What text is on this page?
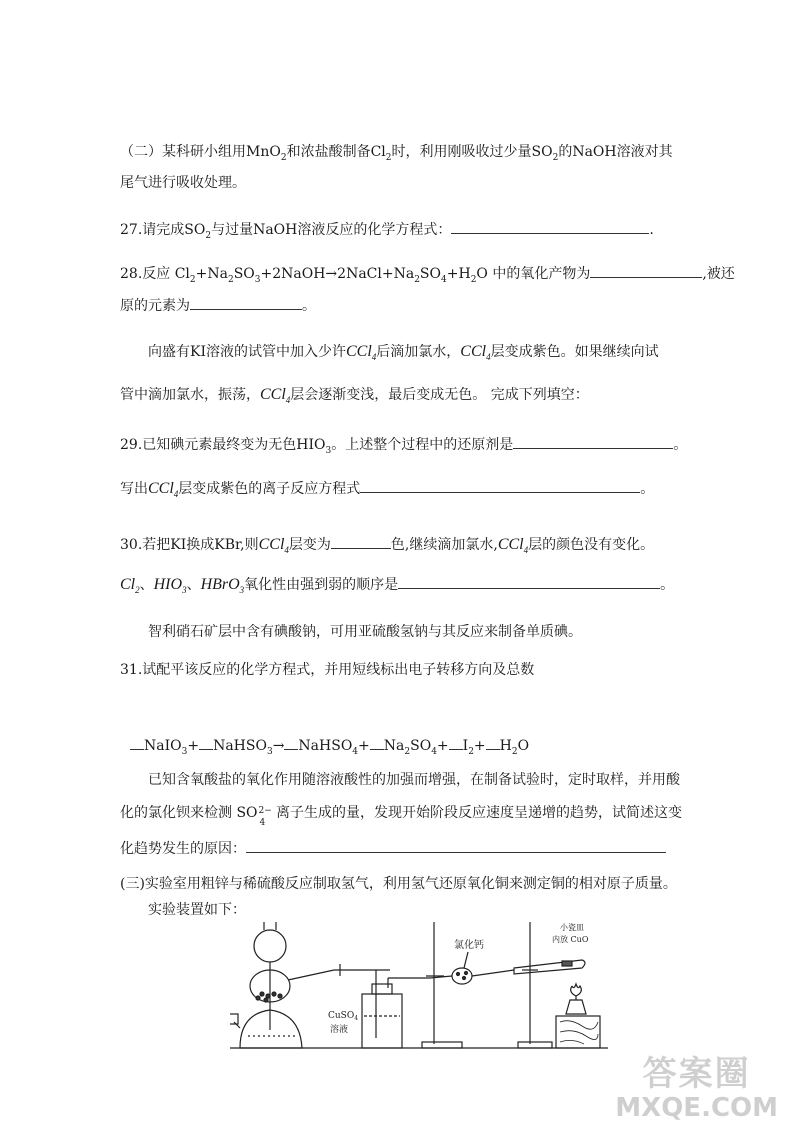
（二）某科研小组用MnO$_2$和浓盐酸制备$Cl_2$时，利用刚吸收过少量$SO_2$的NaOH溶液对其
尾气进行吸收处理。
27.请完成$SO_2$与过量NaOH溶液反应的化学方程式：	.
28.反应 $Cl_2+Na_2SO_3+2NaOH\to 2NaCl+Na_2SO_4+H_2O$ 中的氧化产物为	,被还
原的元素为	。
向盛有KI溶液的试管中加入少许CCl$_4$后滴加氯水，CCl$_4$层变成紫色。如果继续向试
管中滴加氯水，振荡，CCl$_4$层会逐渐变浅，最后变成无色。 完成下列填空：
29.已知碘元素最终变为无色$HIO_3$。上述整个过程中的还原剂是	。
写出CCl$_4$层变成紫色的离子反应方程式	。
30.若把KI换成KBr,则CCl$_4$层变为	色,继续滴加氯水,CCl$_4$层的颜色没有变化。
$Cl_2$、$HIO_3$、HBrO$_3$氧化性由强到弱的顺序是	。
智利硝石矿层中含有碘酸钠，可用亚硫酸氢钠与其反应来制备单质碘。
31.试配平该反应的化学方程式，并用短线标出电子转移方向及总数
NaIO$_3$+ NaHSO$_3$→ NaHSO$_4$+ $Na_2SO_4+ I_2+ H_2O$
已知含氧酸盐的氧化作用随溶液酸性的加强而增强，在制备试验时，定时取样，并用酸
化的氯化钡来检测 SO 2−
4
离子生成的量，发现开始阶段反应速度呈递增的趋势，试简述这变
化趋势发生的原因：
(三)实验室用粗锌与稀硫酸反应制取氢气，利用氢气还原氧化铜来测定铜的相对原子质量。
实验装置如下：
CuSO$_4$
溶液
氯化钙
小瓷皿
内放 CuO
答案圈
MXQE.COM
